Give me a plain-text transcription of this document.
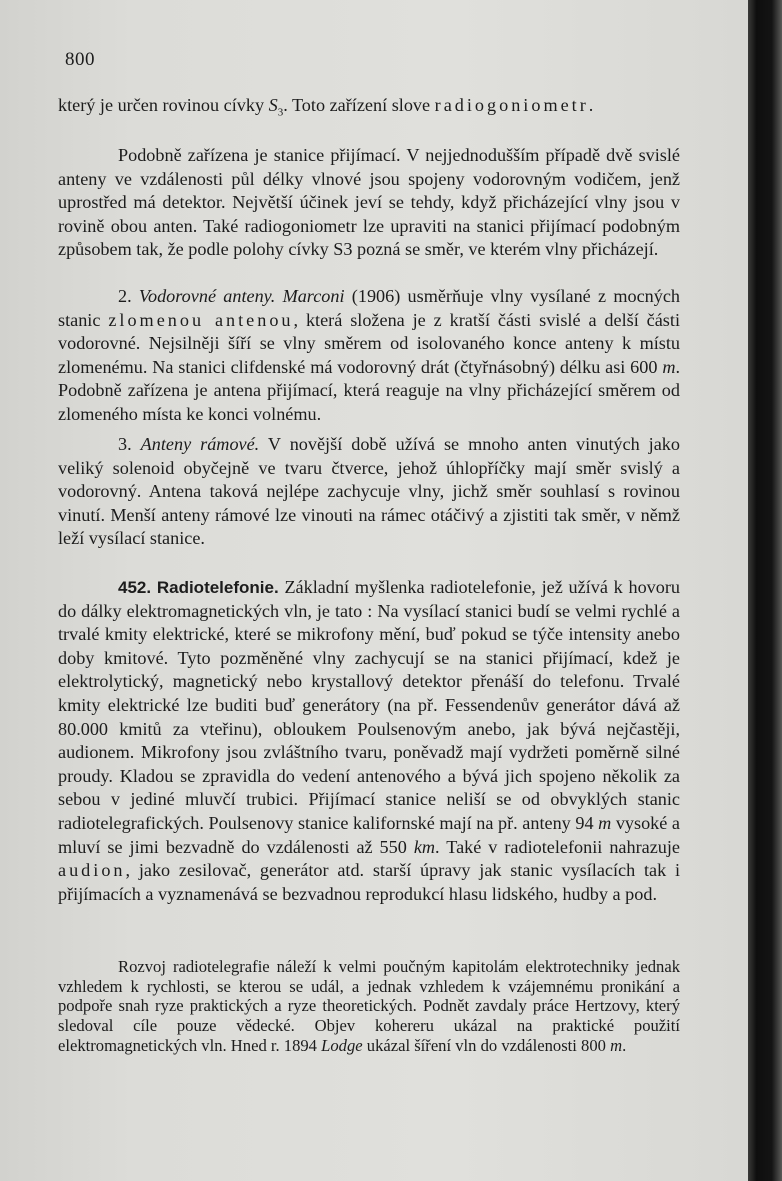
800
který je určen rovinou cívky $S_3$. Toto zařízení slove radiogoniometr.
Podobně zařízena je stanice přijímací. V nejjednodušším případě dvě svislé anteny ve vzdálenosti půl délky vlnové jsou spojeny vodorovným vodičem, jenž uprostřed má detektor. Největší účinek jeví se tehdy, když přicházející vlny jsou v rovině obou anten. Také radiogoniometr lze upraviti na stanici přijímací podobným způsobem tak, že podle polohy cívky S3 pozná se směr, ve kterém vlny přicházejí.
2. Vodorovné anteny. Marconi (1906) usměrňuje vlny vysílané z mocných stanic zlomenou antenou, která složena je z kratší části svislé a delší části vodorovné. Nejsilněji šíří se vlny směrem od isolovaného konce anteny k místu zlomenému. Na stanici clifdenské má vodorovný drát (čtyřnásobný) délku asi 600 m. Podobně zařízena je antena přijímací, která reaguje na vlny přicházející směrem od zlomeného místa ke konci volnému.
3. Anteny rámové. V novější době užívá se mnoho anten vinutých jako veliký solenoid obyčejně ve tvaru čtverce, jehož úhlopříčky mají směr svislý a vodorovný. Antena taková nejlépe zachycuje vlny, jichž směr souhlasí s rovinou vinutí. Menší anteny rámové lze vinouti na rámec otáčivý a zjistiti tak směr, v němž leží vysílací stanice.
452. Radiotelefonie. Základní myšlenka radiotelefonie, jež užívá k hovoru do dálky elektromagnetických vln, je tato : Na vysílací stanici budí se velmi rychlé a trvalé kmity elektrické, které se mikrofony mění, buď pokud se týče intensity anebo doby kmitové. Tyto pozměněné vlny zachycují se na stanici přijímací, kdež je elektrolytický, magnetický nebo krystallový detektor přenáší do telefonu. Trvalé kmity elektrické lze buditi buď generátory (na př. Fessendenův generátor dává až 80.000 kmitů za vteřinu), obloukem Poulsenovým anebo, jak bývá nejčastěji, audionem. Mikrofony jsou zvláštního tvaru, poněvadž mají vydržeti poměrně silné proudy. Kladou se zpravidla do vedení antenového a bývá jich spojeno několik za sebou v jediné mluvčí trubici. Přijímací stanice neliší se od obvyklých stanic radiotelegrafických. Poulsenovy stanice kalifornské mají na př. anteny 94 m vysoké a mluví se jimi bezvadně do vzdálenosti až 550 km. Také v radiotelefonii nahrazuje audion, jako zesilovač, generátor atd. starší úpravy jak stanic vysílacích tak i přijímacích a vyznamenává se bezvadnou reprodukcí hlasu lidského, hudby a pod.
Rozvoj radiotelegrafie náleží k velmi poučným kapitolám elektrotechniky jednak vzhledem k rychlosti, se kterou se udál, a jednak vzhledem k vzájemnému pronikání a podpoře snah ryze praktických a ryze theoretických. Podnět zavdaly práce Hertzovy, který sledoval cíle pouze vědecké. Objev kohereru ukázal na praktické použití elektromagnetických vln. Hned r. 1894 Lodge ukázal šíření vln do vzdálenosti 800 m.
